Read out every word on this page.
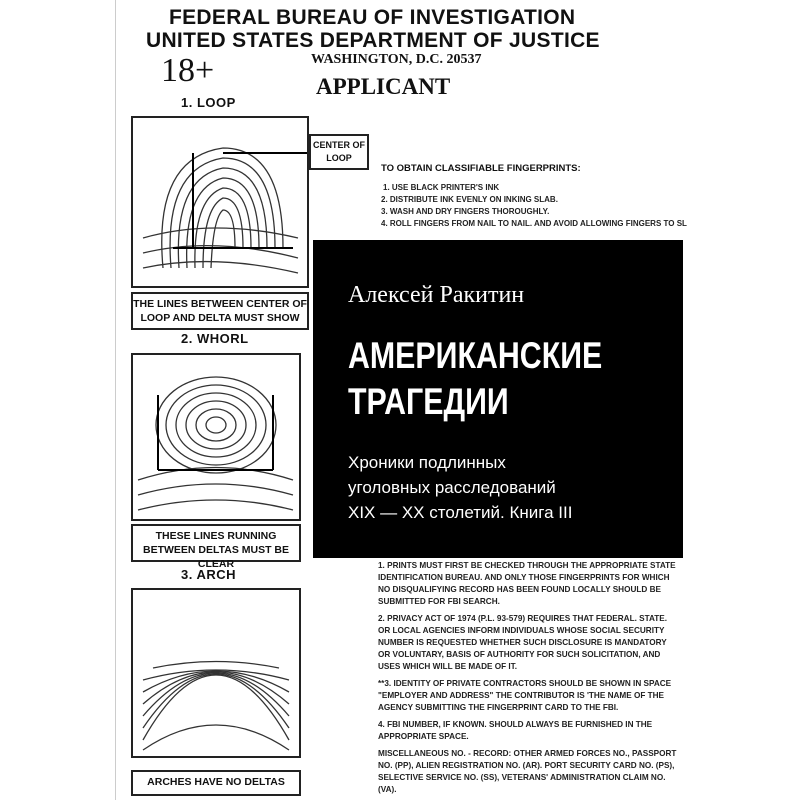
FEDERAL BUREAU OF INVESTIGATION
UNITED STATES DEPARTMENT OF JUSTICE
18+	WASHINGTON, D.C. 20537
APPLICANT
1. LOOP
CENTER OF LOOP
THE LINES BETWEEN CENTER OF LOOP AND DELTA MUST SHOW
TO OBTAIN CLASSIFIABLE FINGERPRINTS:
1. USE BLACK PRINTER'S INK
2. DISTRIBUTE INK EVENLY ON INKING SLAB.
3. WASH AND DRY FINGERS THOROUGHLY.
4. ROLL FINGERS FROM NAIL TO NAIL. AND AVOID ALLOWING FINGERS TO SL
2. WHORL
THESE LINES RUNNING BETWEEN DELTAS MUST BE CLEAR
3. ARCH
ARCHES HAVE NO DELTAS

1. PRINTS MUST FIRST BE CHECKED THROUGH THE APPROPRIATE STATE IDENTIFICATION BUREAU. AND ONLY THOSE FINGERPRINTS FOR WHICH NO DISQUALIFYING RECORD HAS BEEN FOUND LOCALLY SHOULD BE SUBMITTED FOR FBI SEARCH.

2. PRIVACY ACT OF 1974 (P.L. 93-579) REQUIRES THAT FEDERAL. STATE. OR LOCAL AGENCIES INFORM INDIVIDUALS WHOSE SOCIAL SECURITY NUMBER IS REQUESTED WHETHER SUCH DISCLOSURE IS MANDATORY OR VOLUNTARY, BASIS OF AUTHORITY FOR SUCH SOLICITATION, AND USES WHICH WILL BE MADE OF IT.

**3. IDENTITY OF PRIVATE CONTRACTORS SHOULD BE SHOWN IN SPACE "EMPLOYER AND ADDRESS" THE CONTRIBUTOR IS 'THE NAME OF THE AGENCY SUBMITTING THE FINGERPRINT CARD TO THE FBI.

4. FBI NUMBER, IF KNOWN. SHOULD ALWAYS BE FURNISHED IN THE APPROPRIATE SPACE.

MISCELLANEOUS NO. - RECORD: OTHER ARMED FORCES NO., PASSPORT NO. (PP), ALIEN REGISTRATION NO. (AR). PORT SECURITY CARD NO. (PS), SELECTIVE SERVICE NO. (SS), VETERANS' ADMINISTRATION CLAIM NO. (VA).

Алексей Ракитин
АМЕРИКАНСКИЕ
ТРАГЕДИИ
Хроники подлинных
уголовных расследований
XIX — XX столетий. Книга III
